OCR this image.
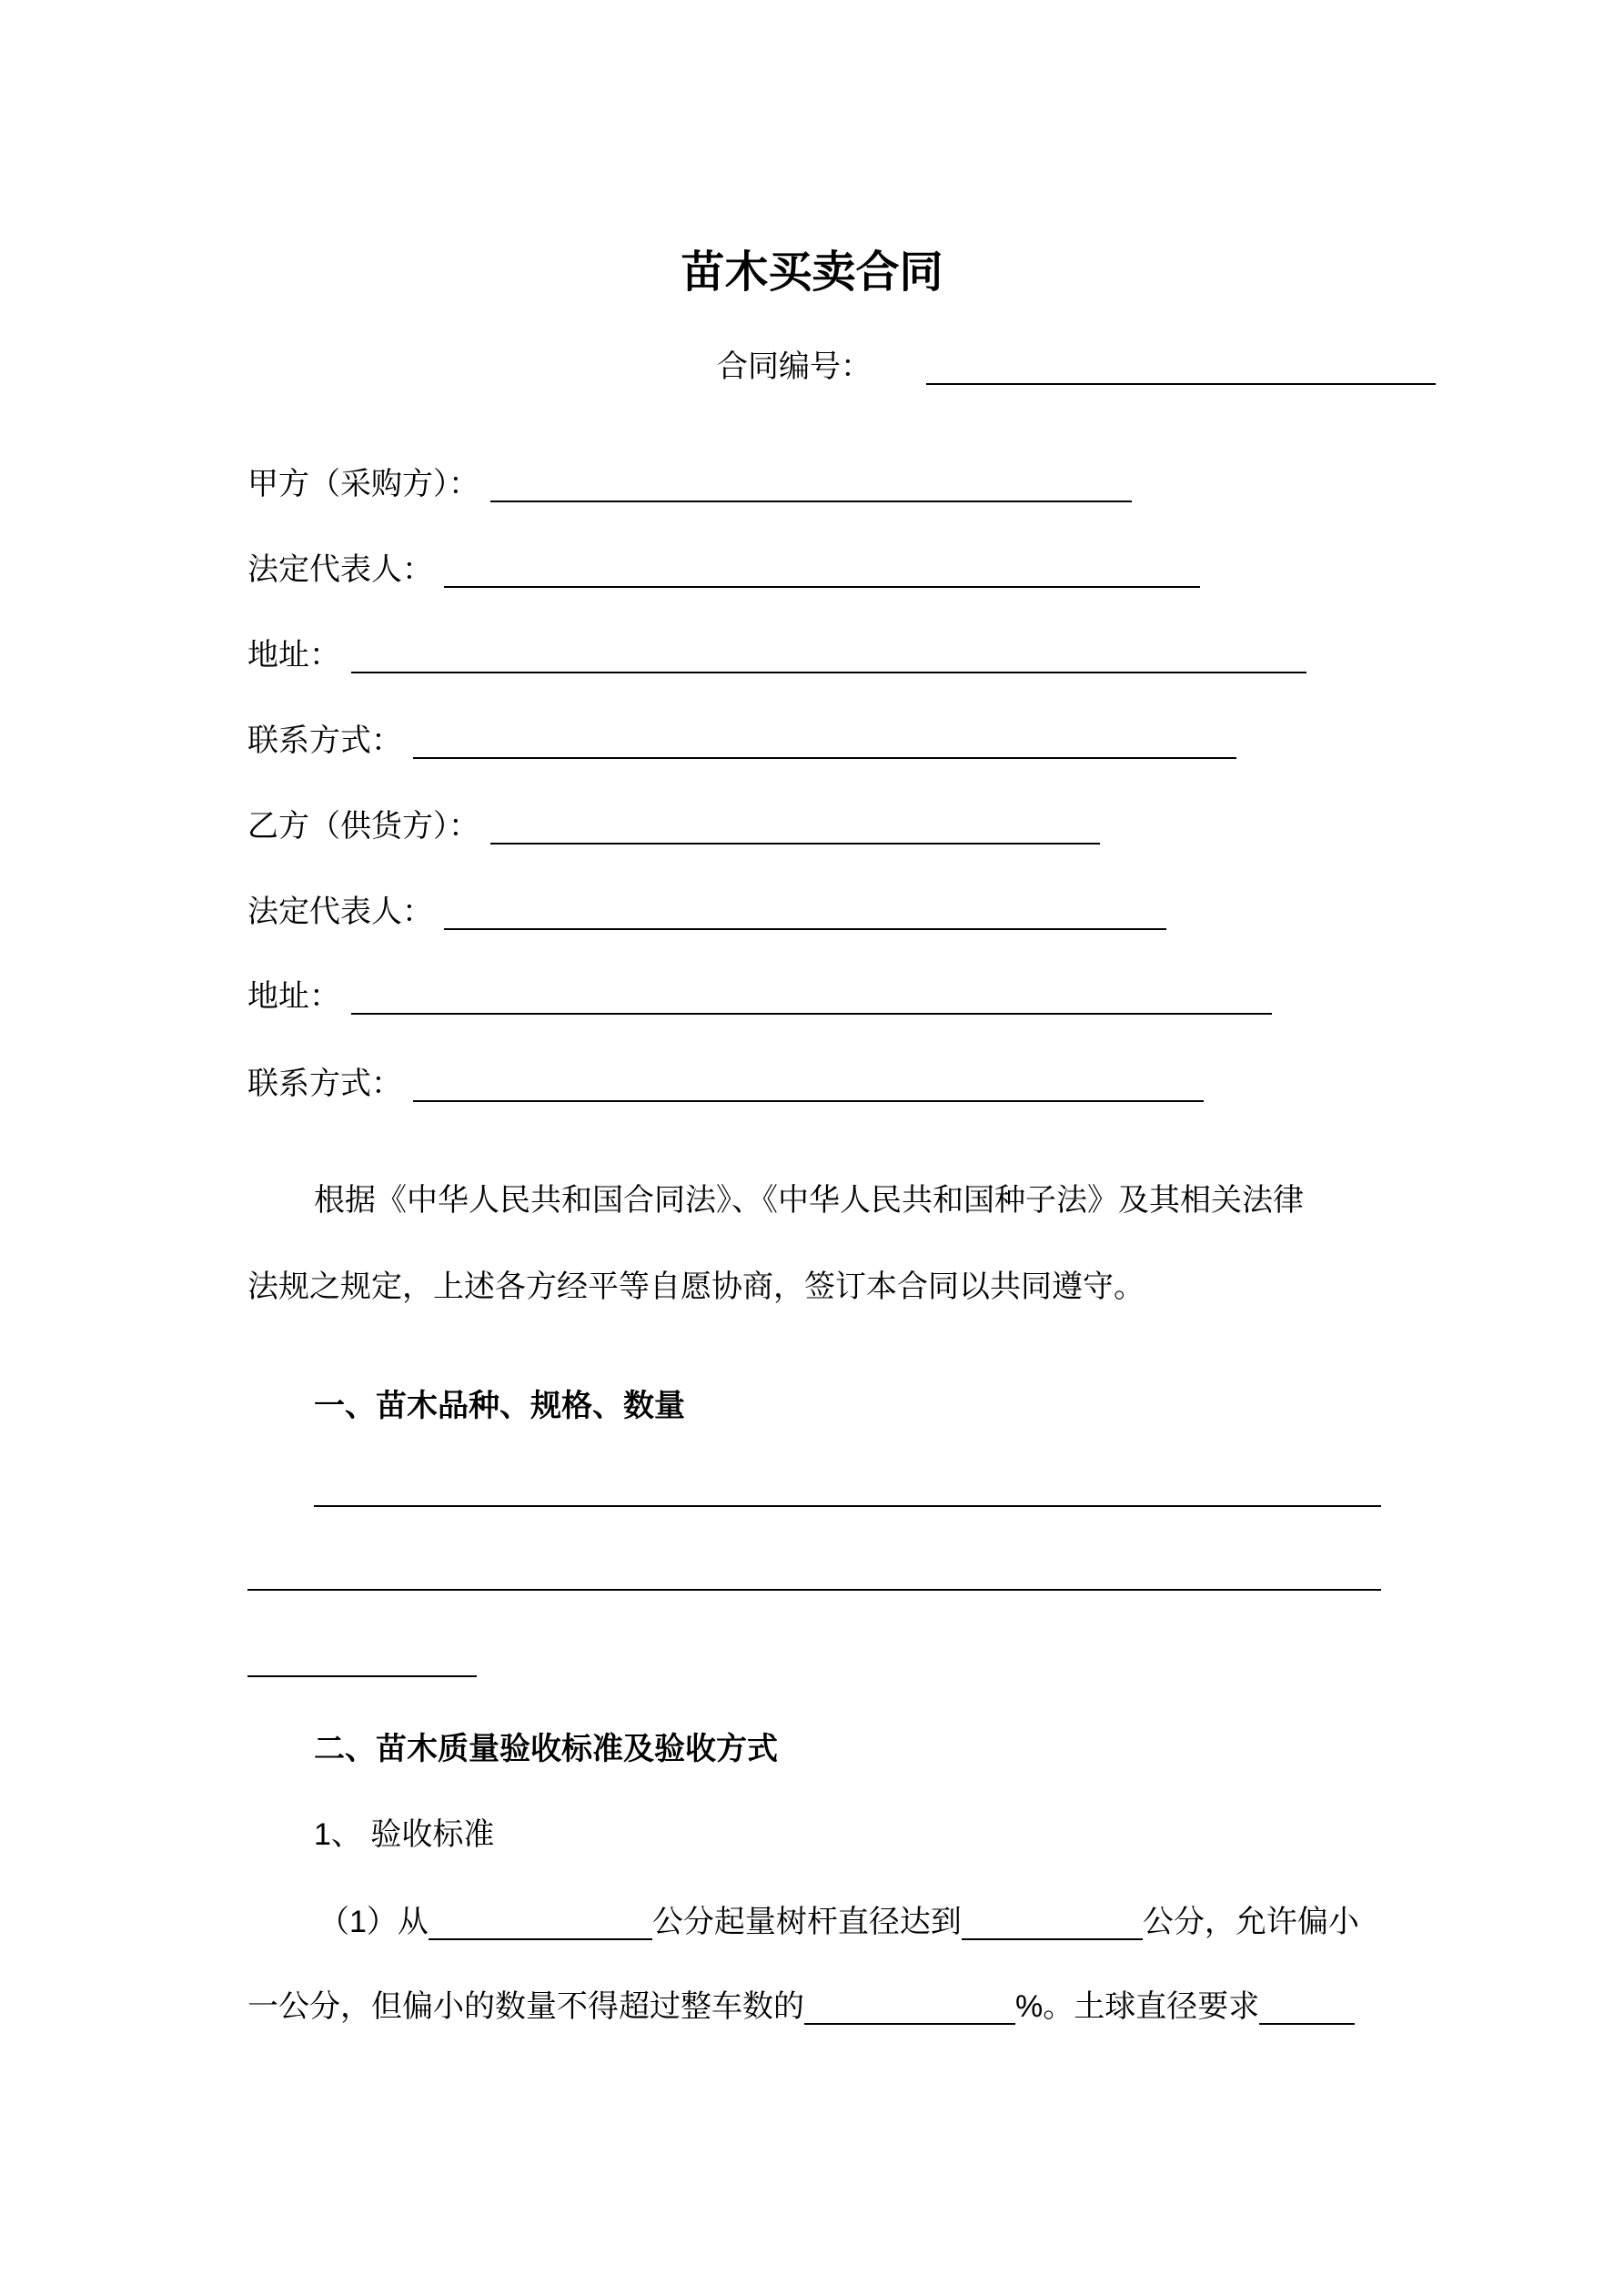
苗木买卖合同
合同编号：
甲方（采购方）：
法定代表人：
地址：
联系方式：
乙方（供货方）：
法定代表人：
地址：
联系方式：
根据《中华人民共和国合同法》、《中华人民共和国种子法》及其相关法律
法规之规定，上述各方经平等自愿协商，签订本合同以共同遵守。
一、苗木品种、规格、数量
二、苗木质量验收标准及验收方式
1、 验收标准
（1）从	公分起量树杆直径达到	公分，允许偏小
一公分，但偏小的数量不得超过整车数的	%。土球直径要求
